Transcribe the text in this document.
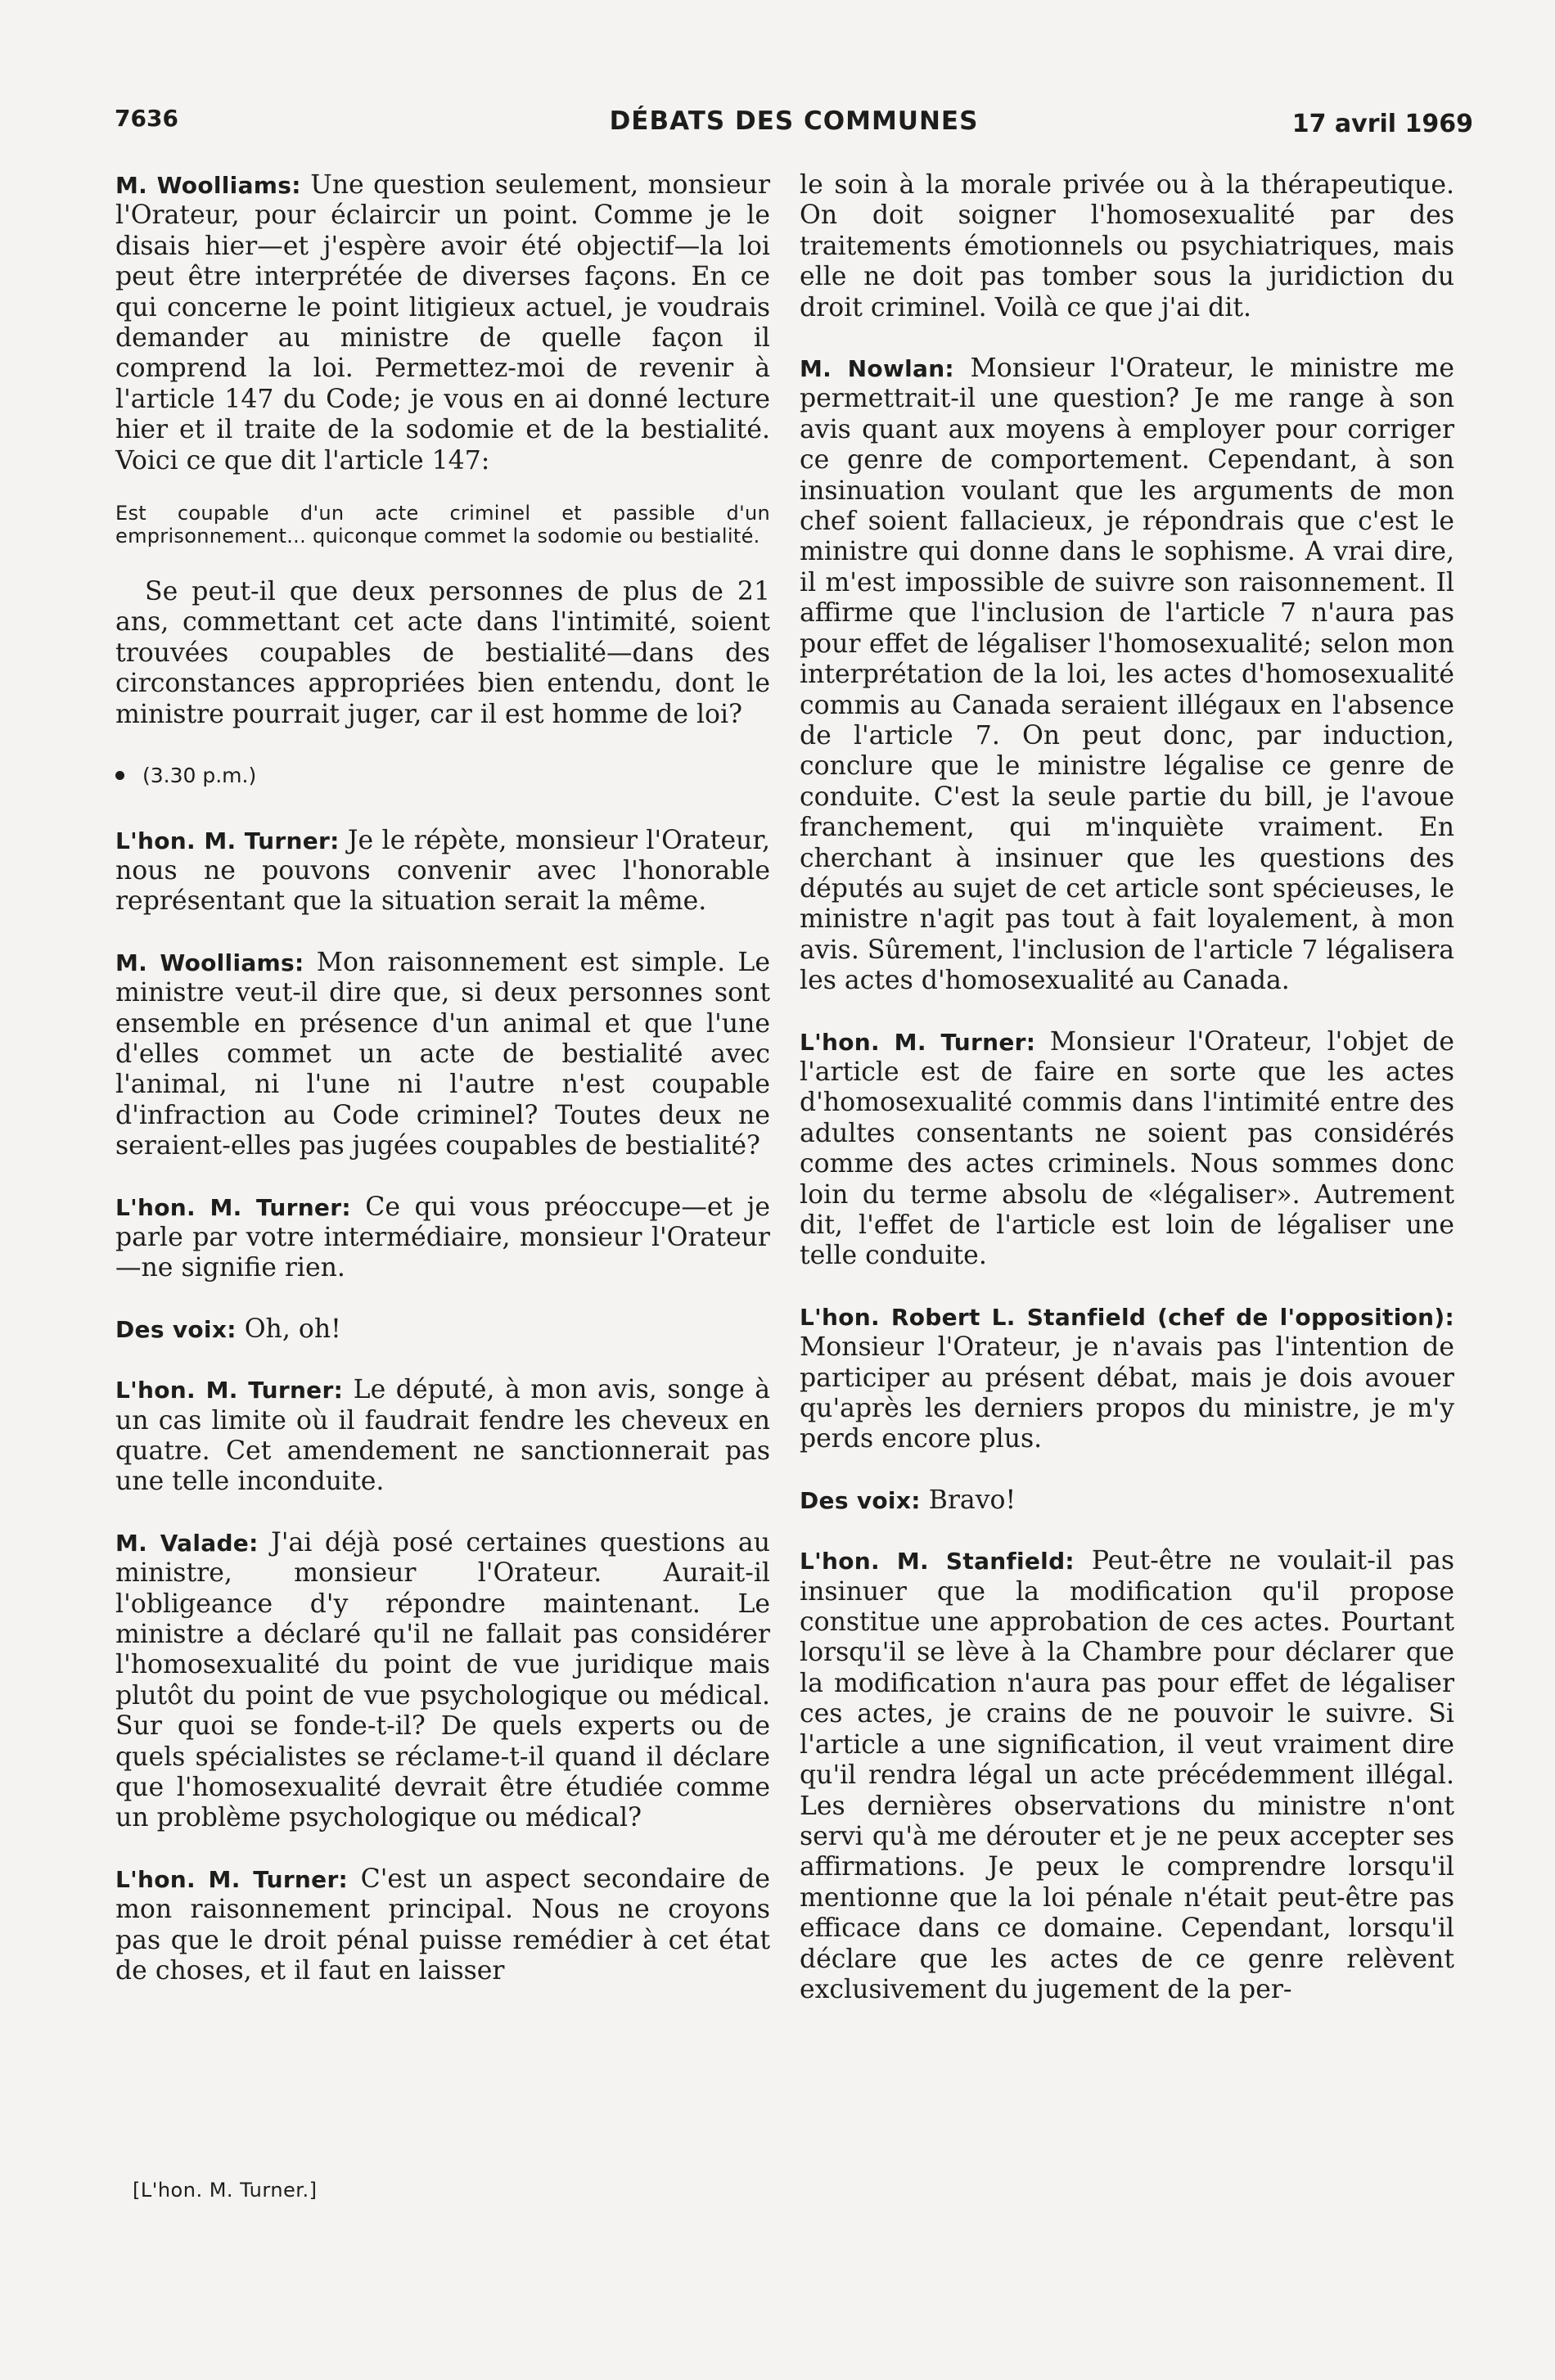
7636	DÉBATS DES COMMUNES	17 avril 1969

M. Woolliams: Une question seulement, monsieur l'Orateur, pour éclaircir un point. Comme je le disais hier—et j'espère avoir été objectif—la loi peut être interprétée de diverses façons. En ce qui concerne le point litigieux actuel, je voudrais demander au ministre de quelle façon il comprend la loi. Permettez-moi de revenir à l'article 147 du Code; je vous en ai donné lecture hier et il traite de la sodomie et de la bestialité. Voici ce que dit l'article 147:

Est coupable d'un acte criminel et passible d'un emprisonnement... quiconque commet la sodomie ou bestialité.

Se peut-il que deux personnes de plus de 21 ans, commettant cet acte dans l'intimité, soient trouvées coupables de bestialité—dans des circonstances appropriées bien entendu, dont le ministre pourrait juger, car il est homme de loi?

(3.30 p.m.)

L'hon. M. Turner: Je le répète, monsieur l'Orateur, nous ne pouvons convenir avec l'honorable représentant que la situation serait la même.

M. Woolliams: Mon raisonnement est simple. Le ministre veut-il dire que, si deux personnes sont ensemble en présence d'un animal et que l'une d'elles commet un acte de bestialité avec l'animal, ni l'une ni l'autre n'est coupable d'infraction au Code criminel? Toutes deux ne seraient-elles pas jugées coupables de bestialité?

L'hon. M. Turner: Ce qui vous préoccupe—et je parle par votre intermédiaire, monsieur l'Orateur—ne signifie rien.

Des voix: Oh, oh!

L'hon. M. Turner: Le député, à mon avis, songe à un cas limite où il faudrait fendre les cheveux en quatre. Cet amendement ne sanctionnerait pas une telle inconduite.

M. Valade: J'ai déjà posé certaines questions au ministre, monsieur l'Orateur. Aurait-il l'obligeance d'y répondre maintenant. Le ministre a déclaré qu'il ne fallait pas considérer l'homosexualité du point de vue juridique mais plutôt du point de vue psychologique ou médical. Sur quoi se fonde-t-il? De quels experts ou de quels spécialistes se réclame-t-il quand il déclare que l'homosexualité devrait être étudiée comme un problème psychologique ou médical?

L'hon. M. Turner: C'est un aspect secondaire de mon raisonnement principal. Nous ne croyons pas que le droit pénal puisse remédier à cet état de choses, et il faut en laisser

le soin à la morale privée ou à la thérapeutique. On doit soigner l'homosexualité par des traitements émotionnels ou psychiatriques, mais elle ne doit pas tomber sous la juridiction du droit criminel. Voilà ce que j'ai dit.

M. Nowlan: Monsieur l'Orateur, le ministre me permettrait-il une question? Je me range à son avis quant aux moyens à employer pour corriger ce genre de comportement. Cependant, à son insinuation voulant que les arguments de mon chef soient fallacieux, je répondrais que c'est le ministre qui donne dans le sophisme. A vrai dire, il m'est impossible de suivre son raisonnement. Il affirme que l'inclusion de l'article 7 n'aura pas pour effet de légaliser l'homosexualité; selon mon interprétation de la loi, les actes d'homosexualité commis au Canada seraient illégaux en l'absence de l'article 7. On peut donc, par induction, conclure que le ministre légalise ce genre de conduite. C'est la seule partie du bill, je l'avoue franchement, qui m'inquiète vraiment. En cherchant à insinuer que les questions des députés au sujet de cet article sont spécieuses, le ministre n'agit pas tout à fait loyalement, à mon avis. Sûrement, l'inclusion de l'article 7 légalisera les actes d'homosexualité au Canada.

L'hon. M. Turner: Monsieur l'Orateur, l'objet de l'article est de faire en sorte que les actes d'homosexualité commis dans l'intimité entre des adultes consentants ne soient pas considérés comme des actes criminels. Nous sommes donc loin du terme absolu de «légaliser». Autrement dit, l'effet de l'article est loin de légaliser une telle conduite.

L'hon. Robert L. Stanfield (chef de l'opposition): Monsieur l'Orateur, je n'avais pas l'intention de participer au présent débat, mais je dois avouer qu'après les derniers propos du ministre, je m'y perds encore plus.

Des voix: Bravo!

L'hon. M. Stanfield: Peut-être ne voulait-il pas insinuer que la modification qu'il propose constitue une approbation de ces actes. Pourtant lorsqu'il se lève à la Chambre pour déclarer que la modification n'aura pas pour effet de légaliser ces actes, je crains de ne pouvoir le suivre. Si l'article a une signification, il veut vraiment dire qu'il rendra légal un acte précédemment illégal. Les dernières observations du ministre n'ont servi qu'à me dérouter et je ne peux accepter ses affirmations. Je peux le comprendre lorsqu'il mentionne que la loi pénale n'était peut-être pas efficace dans ce domaine. Cependant, lorsqu'il déclare que les actes de ce genre relèvent exclusivement du jugement de la per-

[L'hon. M. Turner.]
